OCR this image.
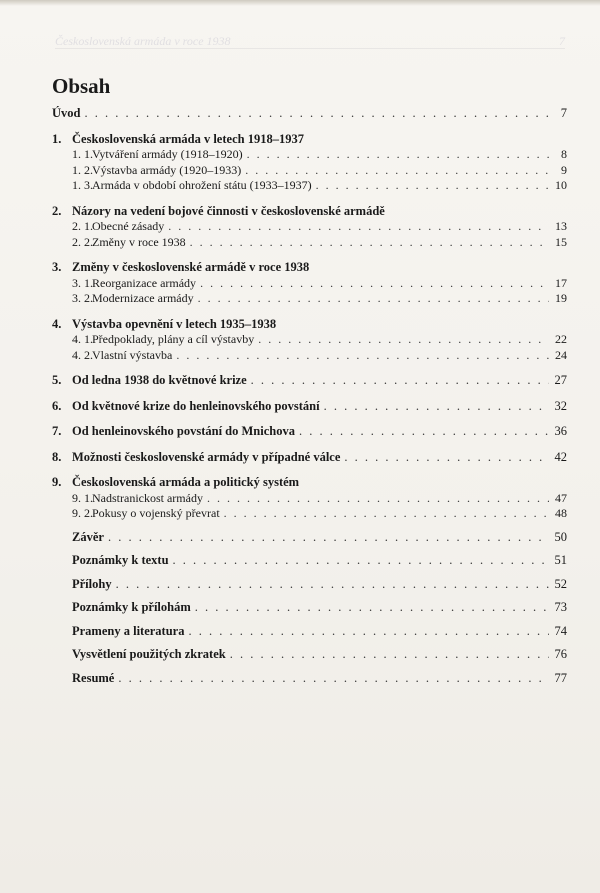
Československá armáda v roce 1938	7
Obsah
Úvod . . .	7
1. Československá armáda v letech 1918–1937
1. 1. Vytváření armády (1918–1920) . . .	8
1. 2. Výstavba armády (1920–1933) . . .	9
1. 3. Armáda v období ohrožení státu (1933–1937) . . .	10
2. Názory na vedení bojové činnosti v československé armádě
2. 1. Obecné zásady . . .	13
2. 2. Změny v roce 1938 . . .	15
3. Změny v československé armádě v roce 1938
3. 1. Reorganizace armády . . .	17
3. 2. Modernizace armády . . .	19
4. Výstavba opevnění v letech 1935–1938
4. 1. Předpoklady, plány a cíl výstavby . . .	22
4. 2. Vlastní výstavba . . .	24
5. Od ledna 1938 do květnové krize . . .	27
6. Od květnové krize do henleinovského povstání . . .	32
7. Od henleinovského povstání do Mnichova . . .	36
8. Možnosti československé armády v případné válce . . .	42
9. Československá armáda a politický systém
9. 1. Nadstranickost armády . . .	47
9. 2. Pokusy o vojenský převrat . . .	48
Závěr . . .	50
Poznámky k textu . . .	51
Přílohy . . .	52
Poznámky k přílohám . . .	73
Prameny a literatura . . .	74
Vysvětlení použitých zkratek . . .	76
Resumé . . .	77
